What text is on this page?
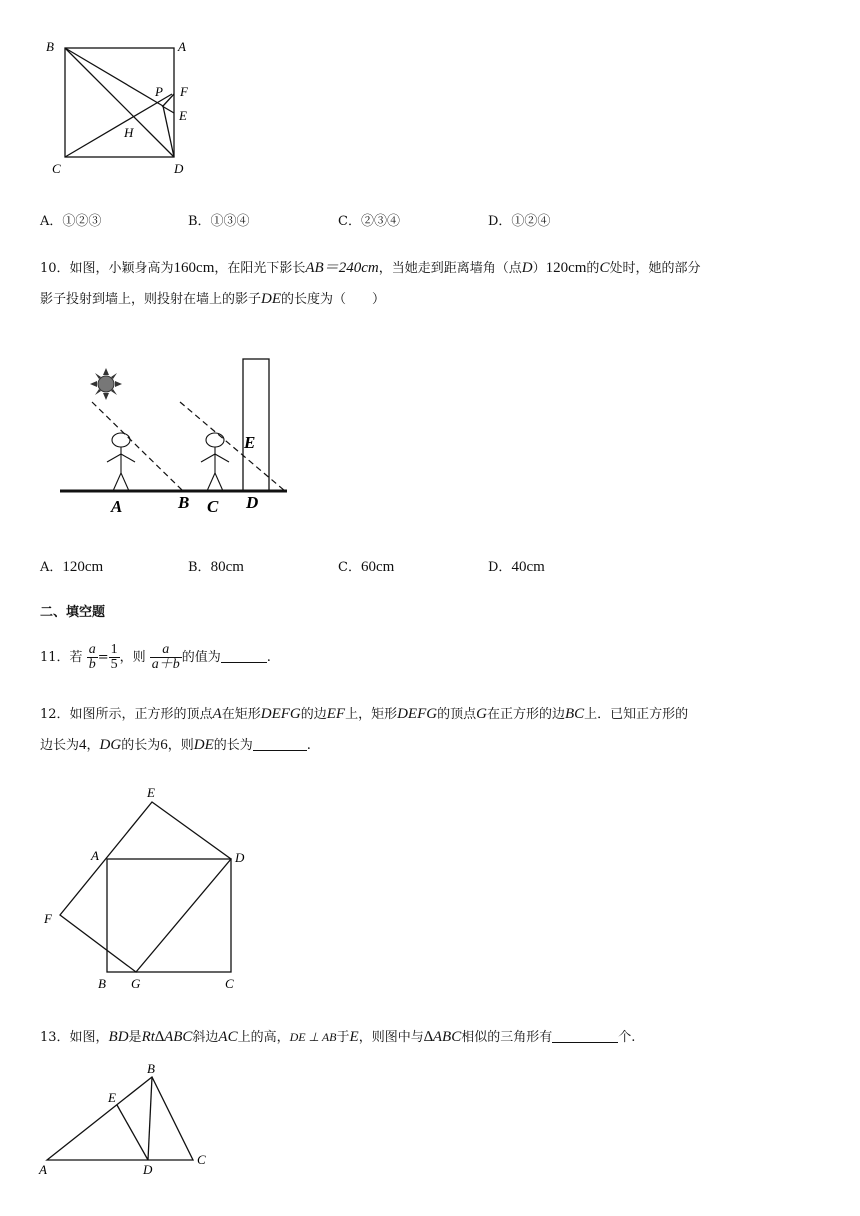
B	A
P F
E
H
C	D
A．①②③	B．①③④	C．②③④	D．①②④
10．如图，小颖身高为160cm，在阳光下影长AB＝240cm，当她走到距离墙角（点D）120cm的C处时，她的部分
影子投射到墙上，则投射在墙上的影子DE的长度为（　　）
E
A	B C D
A．120cm	B．80cm	C．60cm	D．40cm
二、填空题
11．若 $\frac{a}{b} = \frac{1}{5}$ ，则 $\frac{a}{a+b}$ 的值为	.
12．如图所示，正方形的顶点A在矩形DEFG的边EF上，矩形DEFG的顶点G在正方形的边BC上．已知正方形的
边长为4，DG的长为6，则DE的长为	.
E
A	D
F
B G	C
13．如图，BD是Rt∆ABC斜边AC上的高，DE ⊥ AB于E，则图中与∆ABC相似的三角形有	个.
B
E
A	D
C
